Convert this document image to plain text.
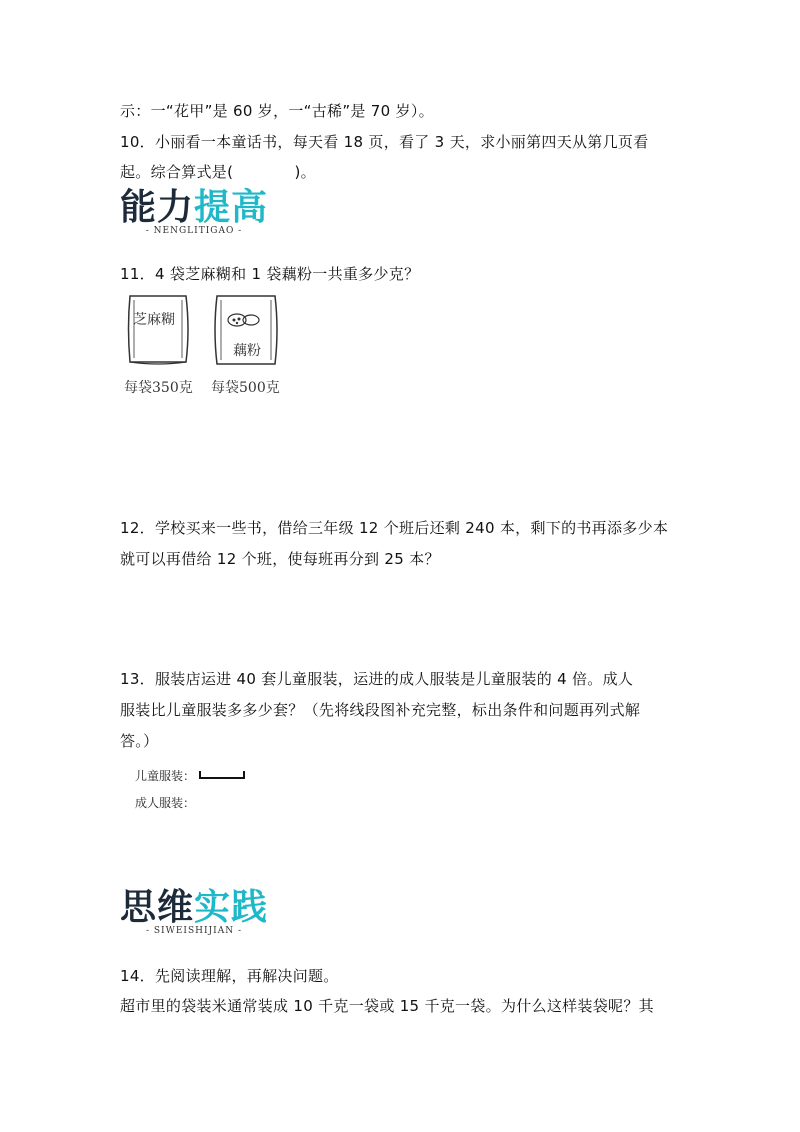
示：一“花甲”是 60 岁，一“古稀”是 70 岁）。
10．小丽看一本童话书，每天看 18 页，看了 3 天，求小丽第四天从第几页看
起。综合算式是(　　　　)。
能力提高
- NENGLITIGAO -
11．4 袋芝麻糊和 1 袋藕粉一共重多少克？
芝麻糊
每袋350克
藕粉
每袋500克
12．学校买来一些书，借给三年级 12 个班后还剩 240 本，剩下的书再添多少本
就可以再借给 12 个班，使每班再分到 25 本？
13．服装店运进 40 套儿童服装，运进的成人服装是儿童服装的 4 倍。成人
服装比儿童服装多多少套？（先将线段图补充完整，标出条件和问题再列式解
答。）
儿童服装：
成人服装：
思维实践
- SIWEISHIJIAN -
14．先阅读理解，再解决问题。
超市里的袋装米通常装成 10 千克一袋或 15 千克一袋。为什么这样装袋呢？其
